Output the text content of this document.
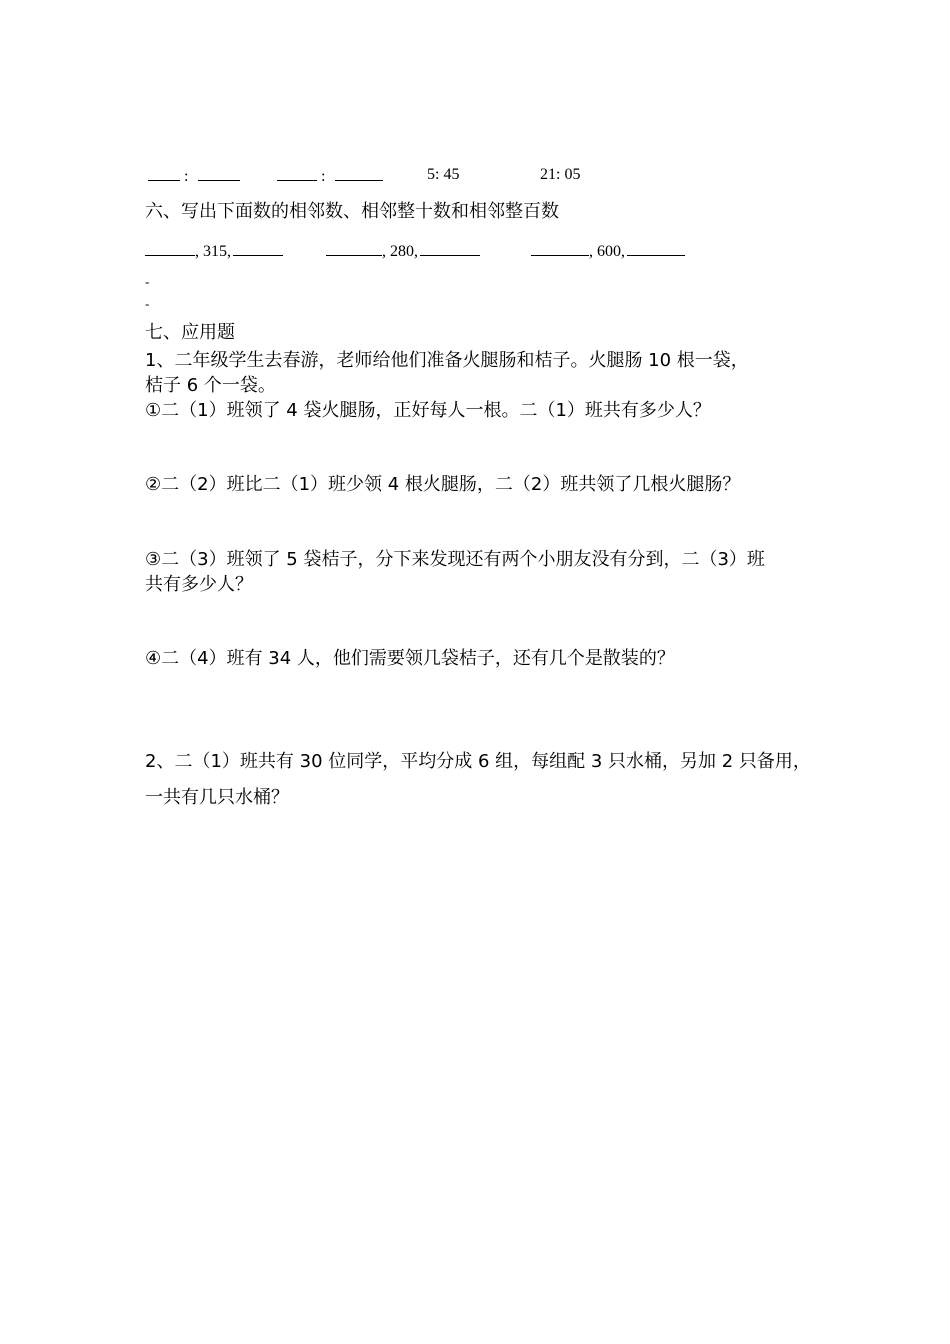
:	:	5: 45	21: 05
六、写出下面数的相邻数、相邻整十数和相邻整百数
, 315,	, 280,	, 600,
-
-
七、应用题
1、二年级学生去春游，老师给他们准备火腿肠和桔子。火腿肠 10 根一袋，
桔子 6 个一袋。
①二（1）班领了 4 袋火腿肠，正好每人一根。二（1）班共有多少人？
②二（2）班比二（1）班少领 4 根火腿肠，二（2）班共领了几根火腿肠？
③二（3）班领了 5 袋桔子，分下来发现还有两个小朋友没有分到，二（3）班
共有多少人？
④二（4）班有 34 人，他们需要领几袋桔子，还有几个是散装的？
2、二（1）班共有 30 位同学，平均分成 6 组，每组配 3 只水桶，另加 2 只备用，
一共有几只水桶？
